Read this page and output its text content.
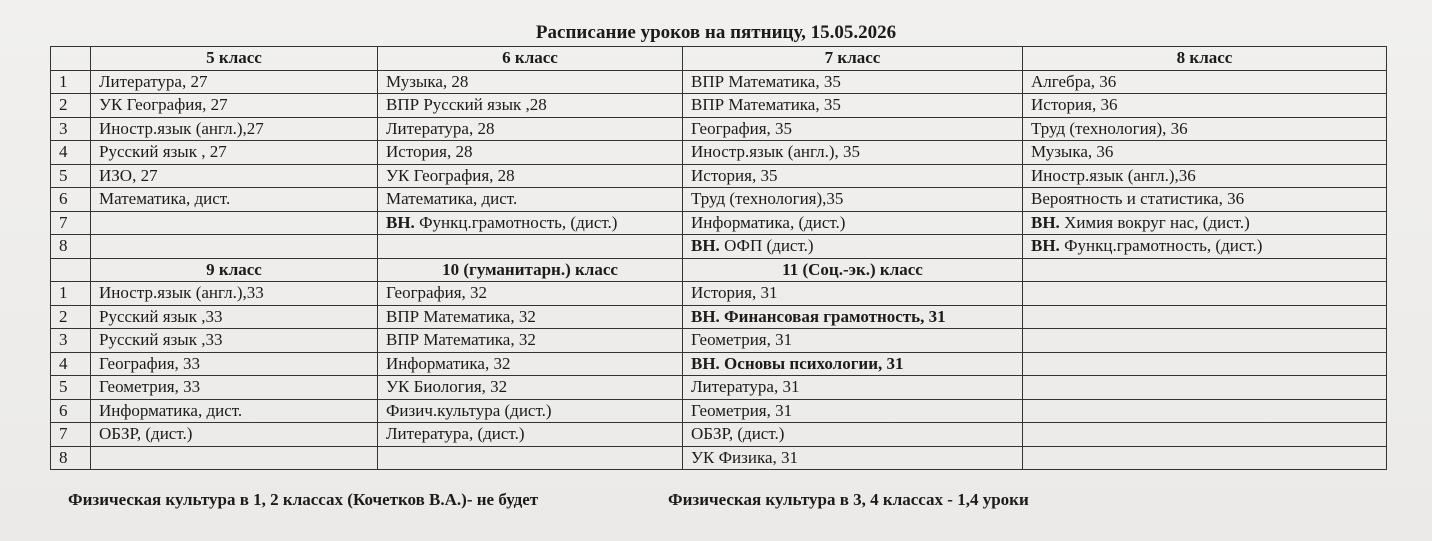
Расписание уроков на пятницу, 15.05.2026
	5 класс	6 класс	7 класс	8 класс
1	Литература, 27	Музыка, 28	ВПР Математика, 35	Алгебра, 36
2	УК География, 27	ВПР Русский язык ,28	ВПР Математика, 35	История, 36
3	Иностр.язык (англ.),27	Литература, 28	География, 35	Труд (технология), 36
4	Русский язык , 27	История, 28	Иностр.язык (англ.), 35	Музыка, 36
5	ИЗО, 27	УК География, 28	История, 35	Иностр.язык (англ.),36
6	Математика, дист.	Математика, дист.	Труд (технология),35	Вероятность и статистика, 36
7		ВН. Функц.грамотность, (дист.)	Информатика, (дист.)	ВН. Химия вокруг нас, (дист.)
8			ВН. ОФП (дист.)	ВН. Функц.грамотность, (дист.)
	9 класс	10 (гуманитарн.) класс	11 (Соц.-эк.) класс	
1	Иностр.язык (англ.),33	География, 32	История, 31	
2	Русский язык ,33	ВПР Математика, 32	ВН. Финансовая грамотность, 31	
3	Русский язык ,33	ВПР Математика, 32	Геометрия, 31	
4	География, 33	Информатика, 32	ВН. Основы психологии, 31	
5	Геометрия, 33	УК Биология, 32	Литература, 31	
6	Информатика, дист.	Физич.культура (дист.)	Геометрия, 31	
7	ОБЗР, (дист.)	Литература, (дист.)	ОБЗР, (дист.)	
8			УК Физика, 31	
Физическая культура в 1, 2 классах (Кочетков В.А.)- не будет	Физическая культура в 3, 4 классах - 1,4 уроки
